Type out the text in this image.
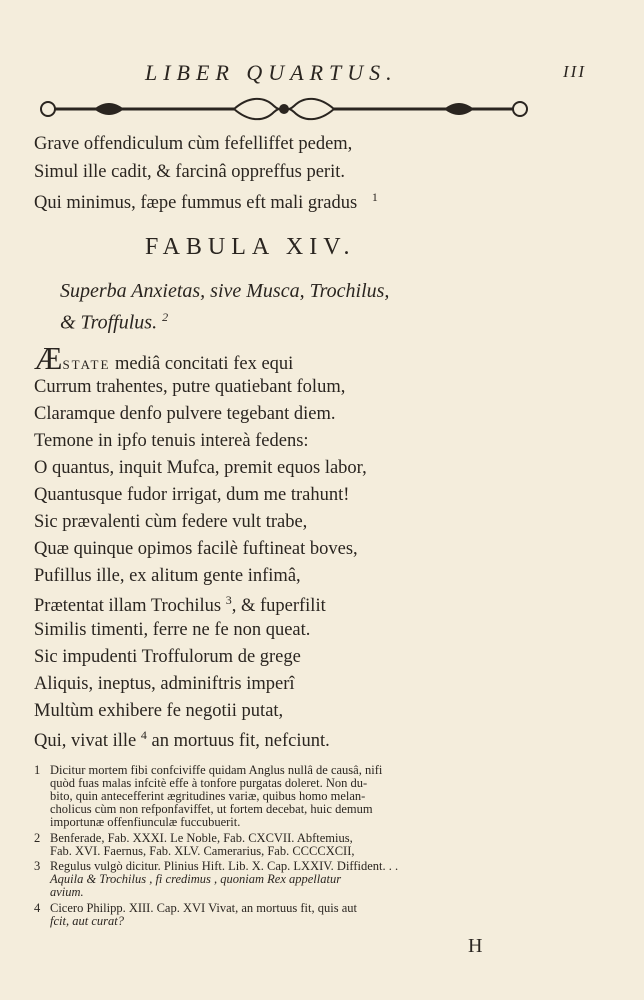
LIBER QUARTUS.	III
Grave offendiculum cùm fefelliffet pedem,
Simul ille cadit, & farcinâ oppreffus perit.
Qui minimus, fæpe fummus eft mali gradus $^1$
FABULA XIV.
Superba Anxietas, sive Musca, Trochilus,
& Troffulus. $^2$
ÆSTATE mediâ concitati fex equi
Currum trahentes, putre quatiebant folum,
Claramque denfo pulvere tegebant diem.
Temone in ipfo tenuis intereà fedens:
O quantus, inquit Mufca, premit equos labor,
Quantusque fudor irrigat, dum me trahunt!
Sic prævalenti cùm federe vult trabe,
Quæ quinque opimos facilè fuftineat boves,
Pufillus ille, ex alitum gente infimâ,
Prætentat illam Trochilus $^3$, & fuperfilit
Similis timenti, ferre ne fe non queat.
Sic impudenti Troffulorum de grege
Aliquis, ineptus, adminiftris imperî
Multùm exhibere fe negotii putat,
Qui, vivat ille $^4$ an mortuus fit, nefciunt.
1 Dicitur mortem fibi confciviffe quidam Anglus nullâ de causâ, nifi
quòd fuas malas infcitè effe à tonfore purgatas doleret. Non du-
bito, quin antecefferint ægritudines variæ, quibus homo melan-
cholicus cùm non refponfaviffet, ut fortem decebat, huic demum
importunæ offenfiunculæ fuccubuerit.
2 Benferade, Fab. XXXI. Le Noble, Fab. CXCVII. Abftemius,
Fab. XVI. Faernus, Fab. XLV. Camerarius, Fab. CCCCXCII,
3 Regulus vulgò dicitur. Plinius Hift. Lib. X. Cap. LXXIV. Diffident. . .
Aquila & Trochilus , fi credimus , quoniam Rex appellatur
avium.
4 Cicero Philipp. XIII. Cap. XVI Vivat, an mortuus fit, quis aut
fcit, aut curat?
H
